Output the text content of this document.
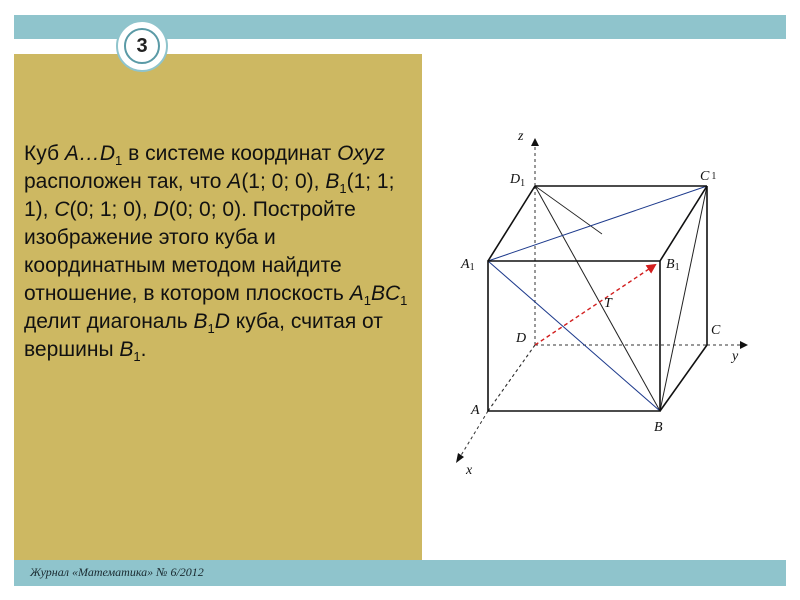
3
Куб $A\dots D_1$ в системе координат Oxyz расположен так, что A(1; 0; 0), $B_1(1$; 1; 1), C(0; 1; 0), D(0; 0; 0). Постройте изображение этого куба и координатным методом найдите отношение, в котором плоскость $A_1BC_1$ делит диагональ $B_1D$ куба, считая от вершины $B_1$.
z
x
y
$D_1$	C 1
A1	B1
A
B
C
D
T
Журнал «Математика» № 6/2012
